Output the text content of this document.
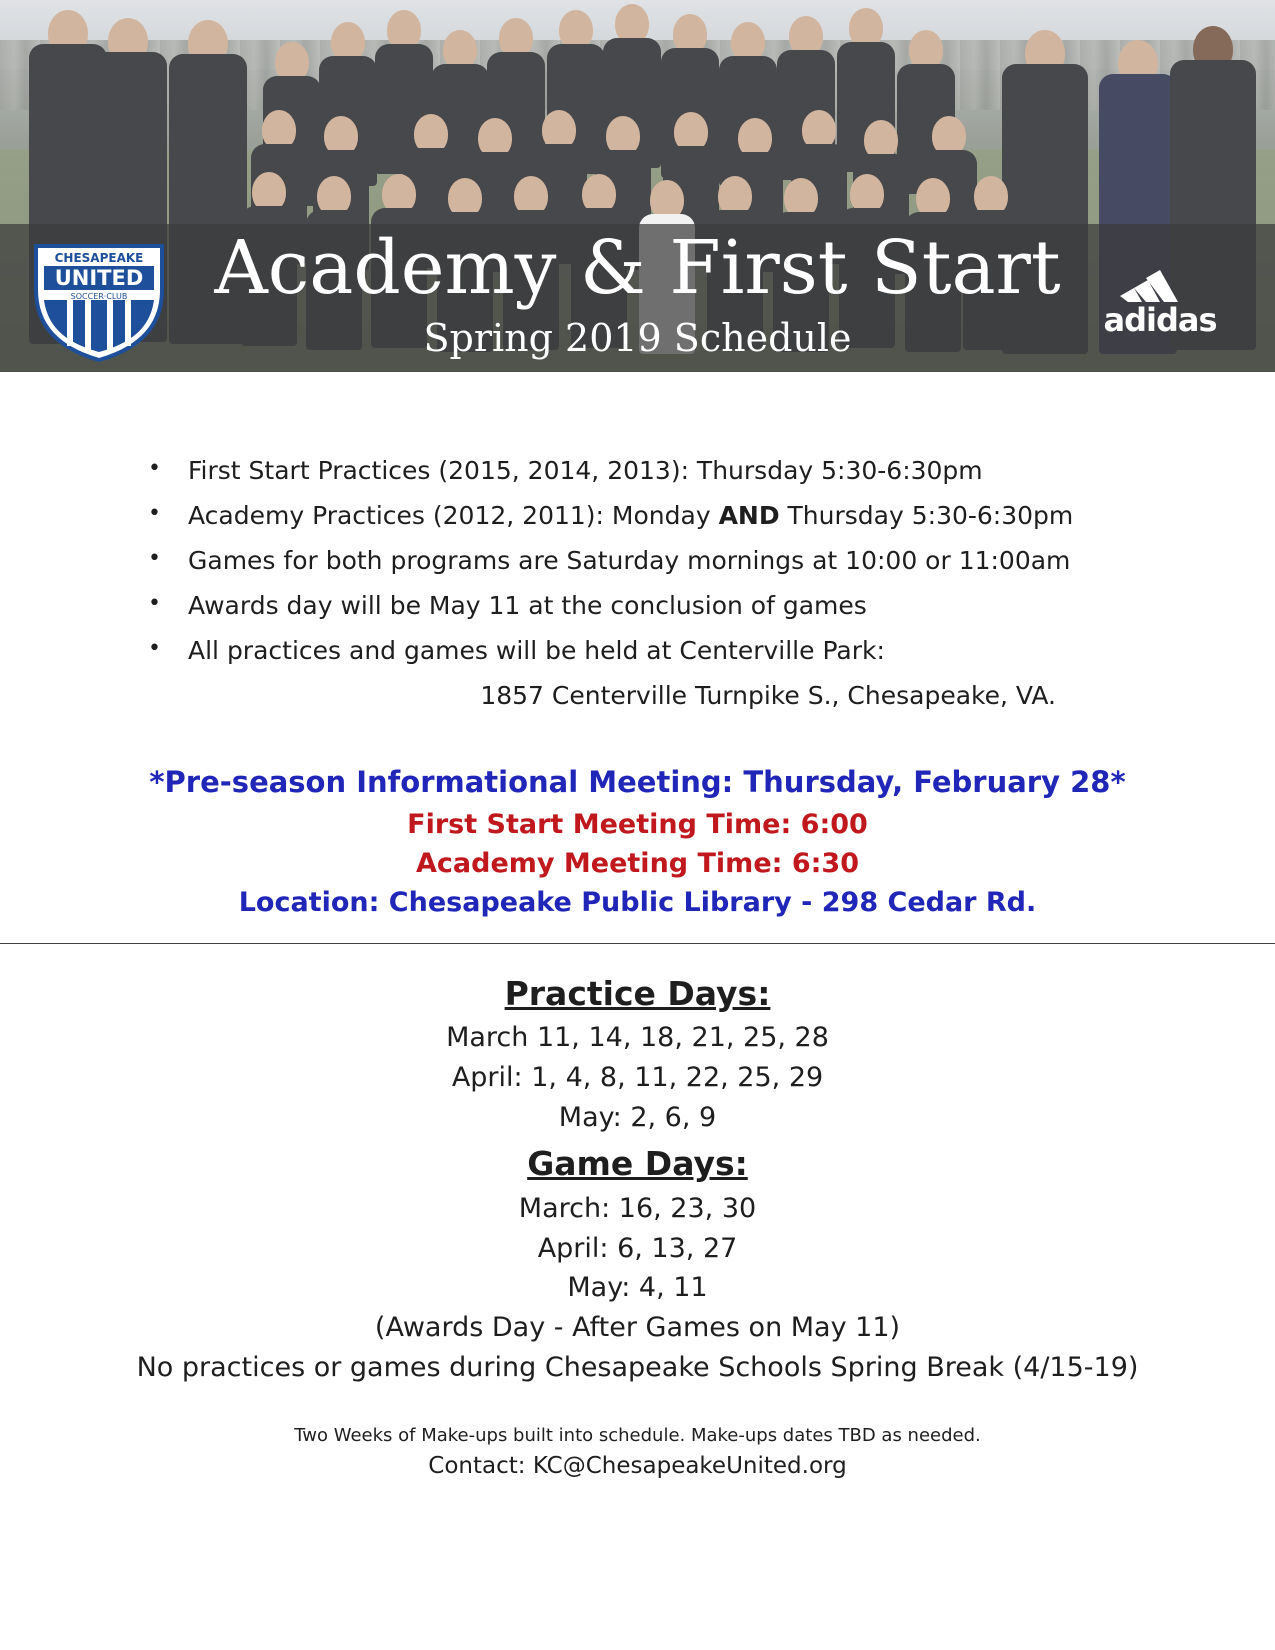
CHESAPEAKE
UNITED
SOCCER·CLUB
adidas
Academy & First Start
Spring 2019 Schedule
• First Start Practices (2015, 2014, 2013): Thursday 5:30-6:30pm
• Academy Practices (2012, 2011): Monday AND Thursday 5:30-6:30pm
• Games for both programs are Saturday mornings at 10:00 or 11:00am
• Awards day will be May 11 at the conclusion of games
• All practices and games will be held at Centerville Park:
1857 Centerville Turnpike S., Chesapeake, VA.
*Pre-season Informational Meeting: Thursday, February 28*
First Start Meeting Time: 6:00
Academy Meeting Time: 6:30
Location: Chesapeake Public Library - 298 Cedar Rd.
Practice Days:
March 11, 14, 18, 21, 25, 28
April: 1, 4, 8, 11, 22, 25, 29
May: 2, 6, 9
Game Days:
March: 16, 23, 30
April: 6, 13, 27
May: 4, 11
(Awards Day - After Games on May 11)
No practices or games during Chesapeake Schools Spring Break (4/15-19)
Two Weeks of Make-ups built into schedule. Make-ups dates TBD as needed.
Contact: KC@ChesapeakeUnited.org
